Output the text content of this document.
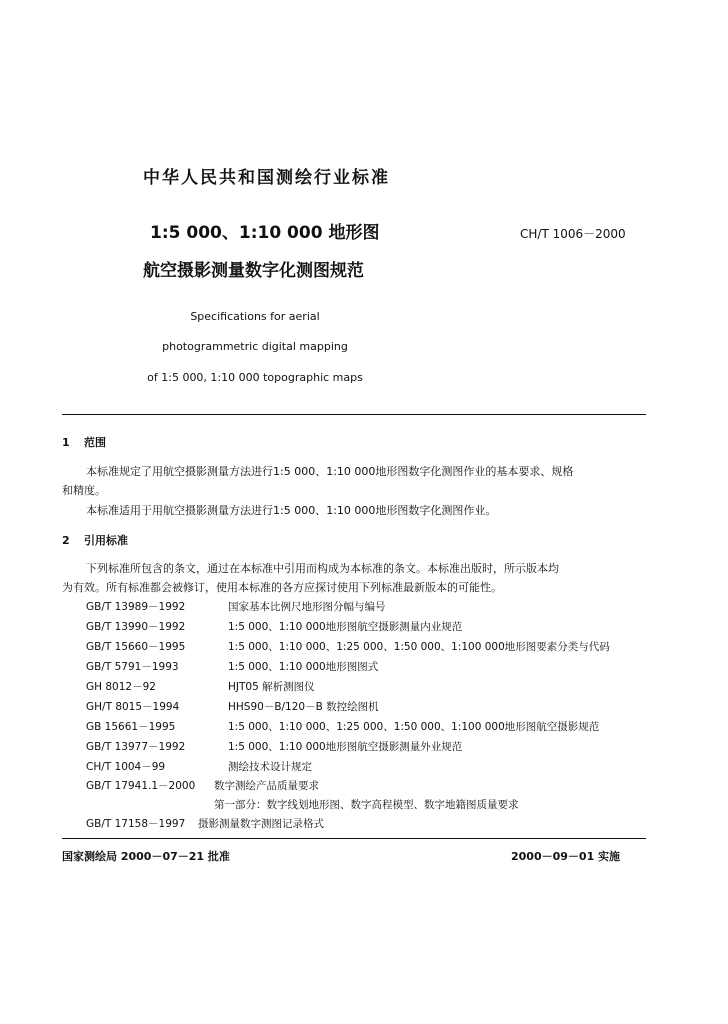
中华人民共和国测绘行业标准
1:5 000、1:10 000 地形图	CH/T 1006－2000
航空摄影测量数字化测图规范
Specifications for aerial
photogrammetric digital mapping
of 1:5 000, 1:10 000 topographic maps
1 范围
本标准规定了用航空摄影测量方法进行1:5 000、1:10 000地形图数字化测图作业的基本要求、规格
和精度。
本标准适用于用航空摄影测量方法进行1:5 000、1:10 000地形图数字化测图作业。
2 引用标准
下列标准所包含的条文，通过在本标准中引用而构成为本标准的条文。本标准出版时，所示版本均
为有效。所有标准都会被修订，使用本标准的各方应探讨使用下列标准最新版本的可能性。
GB/T 13989－1992	国家基本比例尺地形图分幅与编号
GB/T 13990－1992	1:5 000、1:10 000地形图航空摄影测量内业规范
GB/T 15660－1995	1:5 000、1:10 000、1:25 000、1:50 000、1:100 000地形图要素分类与代码
GB/T 5791－1993	1:5 000、1:10 000地形图图式
GH 8012－92	HJT05 解析测图仪
GH/T 8015－1994	HHS90－B/120－B 数控绘图机
GB 15661－1995	1:5 000、1:10 000、1:25 000、1:50 000、1:100 000地形图航空摄影规范
GB/T 13977－1992	1:5 000、1:10 000地形图航空摄影测量外业规范
CH/T 1004－99	测绘技术设计规定
GB/T 17941.1－2000 数字测绘产品质量要求
第一部分：数字线划地形图、数字高程模型、数字地籍图质量要求
GB/T 17158－1997 摄影测量数字测图记录格式
国家测绘局 2000－07－21 批准	2000－09－01 实施
